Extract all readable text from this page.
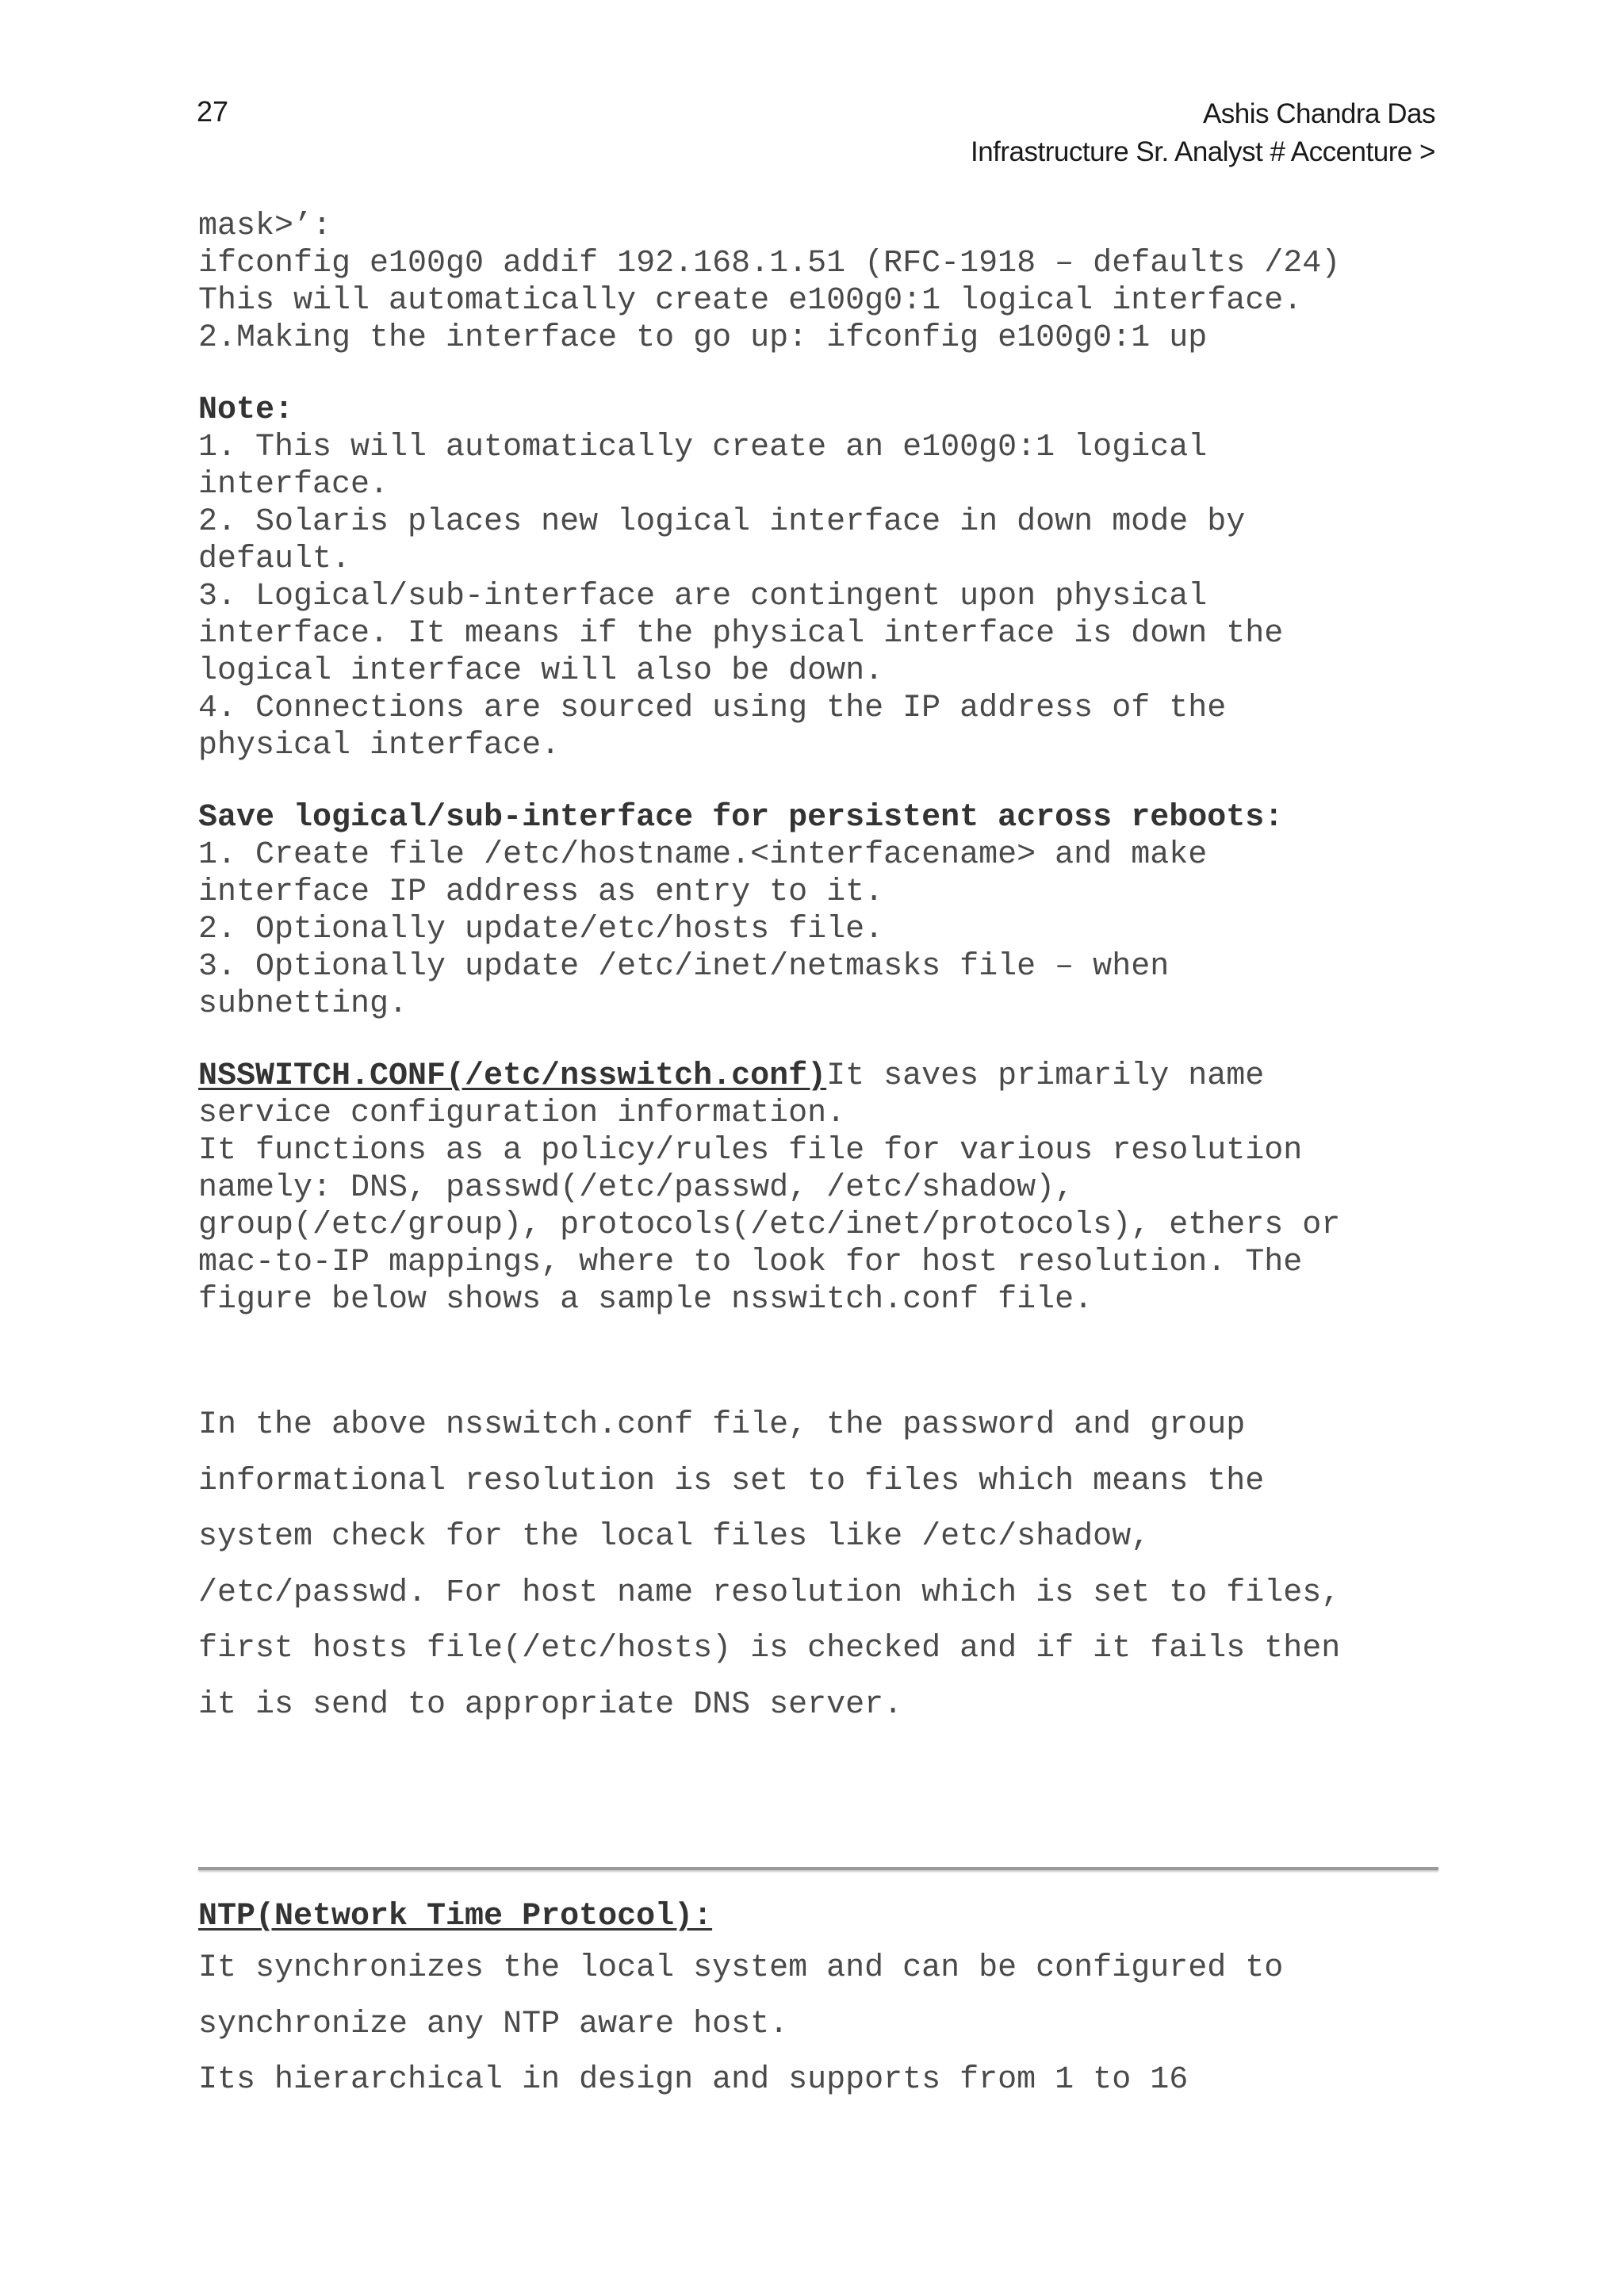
27	Ashis Chandra Das
Infrastructure Sr. Analyst # Accenture >
mask>’:
ifconfig e100g0 addif 192.168.1.51 (RFC-1918 – defaults /24)
This will automatically create e100g0:1 logical interface.
2.Making the interface to go up: ifconfig e100g0:1 up
Note:
1. This will automatically create an e100g0:1 logical
interface.
2. Solaris places new logical interface in down mode by
default.
3. Logical/sub-interface are contingent upon physical
interface. It means if the physical interface is down the
logical interface will also be down.
4. Connections are sourced using the IP address of the
physical interface.
Save logical/sub-interface for persistent across reboots:
1. Create file /etc/hostname.<interfacename> and make
interface IP address as entry to it.
2. Optionally update/etc/hosts file.
3. Optionally update /etc/inet/netmasks file – when
subnetting.
NSSWITCH.CONF(/etc/nsswitch.conf)It saves primarily name
service configuration information.
It functions as a policy/rules file for various resolution
namely: DNS, passwd(/etc/passwd, /etc/shadow),
group(/etc/group), protocols(/etc/inet/protocols), ethers or
mac-to-IP mappings, where to look for host resolution. The
figure below shows a sample nsswitch.conf file.
In the above nsswitch.conf file, the password and group
informational resolution is set to files which means the
system check for the local files like /etc/shadow,
/etc/passwd. For host name resolution which is set to files,
first hosts file(/etc/hosts) is checked and if it fails then
it is send to appropriate DNS server.
NTP(Network Time Protocol):
It synchronizes the local system and can be configured to
synchronize any NTP aware host.
Its hierarchical in design and supports from 1 to 16
